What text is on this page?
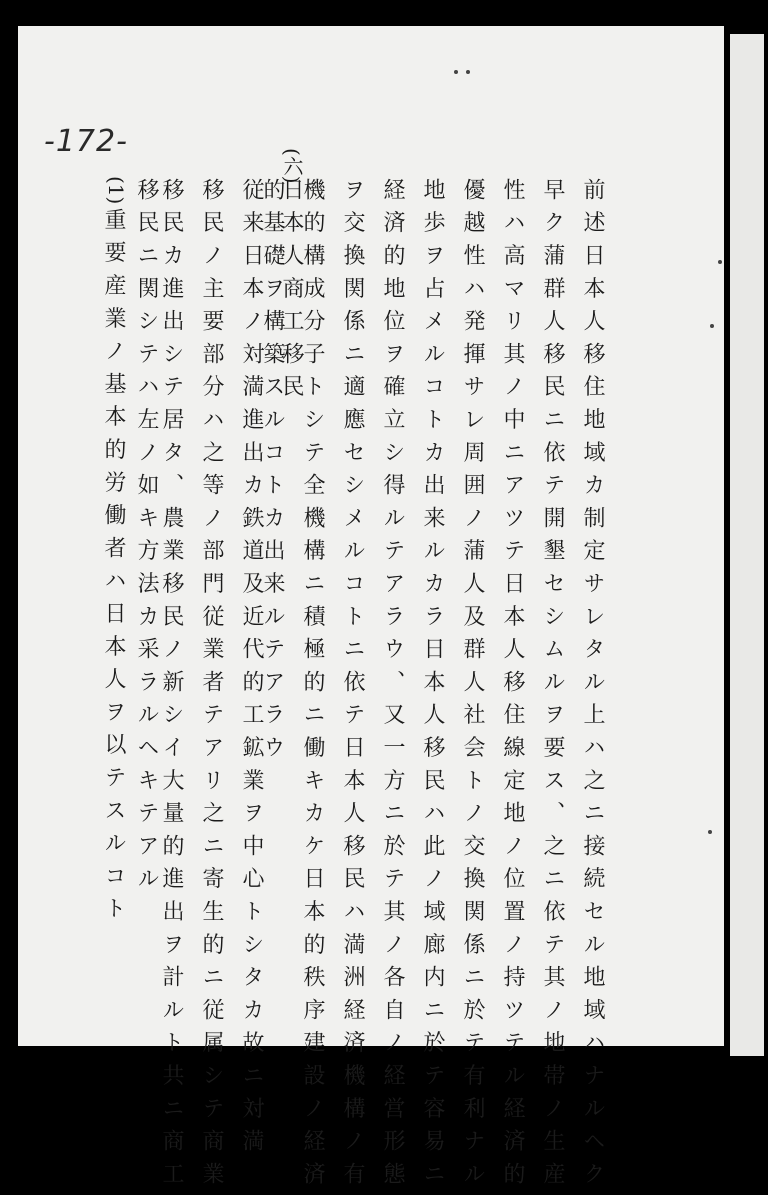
-172-
(六)
(1)	前述日本人移住地域カ制定サレタル上ハ之ニ接続セル地域ハナルヘク
早ク蒲群人移民ニ依テ開墾セシムルヲ要ス、之ニ依テ其ノ地帯ノ生産
性ハ高マリ其ノ中ニアツテ日本人移住線定地ノ位置ノ持ツテル経済的
優越性ハ発揮サレ周囲ノ蒲人及群人社会トノ交換関係ニ於テ有利ナル
地歩ヲ占メルコトカ出来ルカラ日本人移民ハ此ノ域廊内ニ於テ容易ニ
経済的地位ヲ確立シ得ルテアラウ、又一方ニ於テ其ノ各自ノ経営形態
ヲ交換関係ニ適應セシメルコトニ依テ日本人移民ハ満洲経済機構ノ有
機的構成分子トシテ全機構ニ積極的ニ働キカケ日本的秩序建設ノ経済
的基礎ヲ構築スルコトカ出来ルテアラウ
日本人商工移民
従来日本ノ対満進出カ鉄道及近代的工鉱業ヲ中心トシタカ故ニ対満
移民ノ主要部分ハ之等ノ部門従業者テアリ之ニ寄生的ニ従属シテ商業
移民カ進出シテ居タ、農業移民ノ新シイ大量的進出ヲ計ルト共ニ商工
移民ニ関シテハ左ノ如キ方法カ采ラルヘキテアル
重要産業ノ基本的労働者ハ日本人ヲ以テスルコト
